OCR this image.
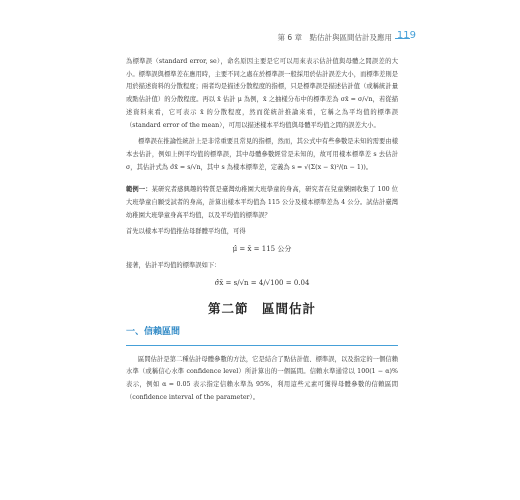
第 6 章　點估計與區間估計及應用 119

為標準誤（standard error, se），命名原因主要是它可以用來表示估計值與母體之間誤差的大小。標準誤與標準差在應用時，主要不同之處在於標準誤一般採用於估計誤差大小，而標準差則是用於描述資料的分散程度；兩者均是描述分散程度的指標，只是標準誤是描述估計值（或稱統計量或點估計值）的分散程度。再以 x̄ 估計 μ 為例，x̄ 之抽樣分布中的標準差為 σx̄ = σ/√n，若從描述資料來看，它可表示 x̄ 的分散程度，然而從統計推論來看，它稱之為平均值的標準誤（standard error of the mean），可用以描述樣本平均值與母體平均值之間的誤差大小。

標準誤在推論性統計上是非常重要且常見的指標，然而，其公式中有些參數是未知的需要由樣本去估計，例如上例平均值的標準誤，其中母體參數經常是未知的，故可用樣本標準差 s 去估計 σ，其估計式為 σ̂x̄ = s/√n，其中 s 為樣本標準差，定義為 s = √(Σ(x − x̄)²/(n − 1))。

範例一：某研究者感興趣的特質是臺灣幼稚園大班學童的身高，研究者在兒童樂園收集了 100 位大班學童自願受試者的身高，計算出樣本平均值為 115 公分及樣本標準差為 4 公分。試估計臺灣幼稚園大班學童身高平均值，以及平均值的標準誤？

首先以樣本平均值推估母群體平均值，可得

μ̂ = x̄ = 115 公分

接著，估計平均值的標準誤如下：

σ̂x̄ = s/√n = 4/√100 = 0.04

第二節　區間估計
一、信賴區間

區間估計是第二種估計母體參數的方法，它是結合了點估計值、標準誤，以及指定的一個信賴水準（或稱信心水準 confidence level）所計算出的一個區間。信賴水準通常以 100(1 − α)% 表示，例如 α = 0.05 表示指定信賴水準為 95%，利用這些元素可獲得母體參數的信賴區間（confidence interval of the parameter）。
